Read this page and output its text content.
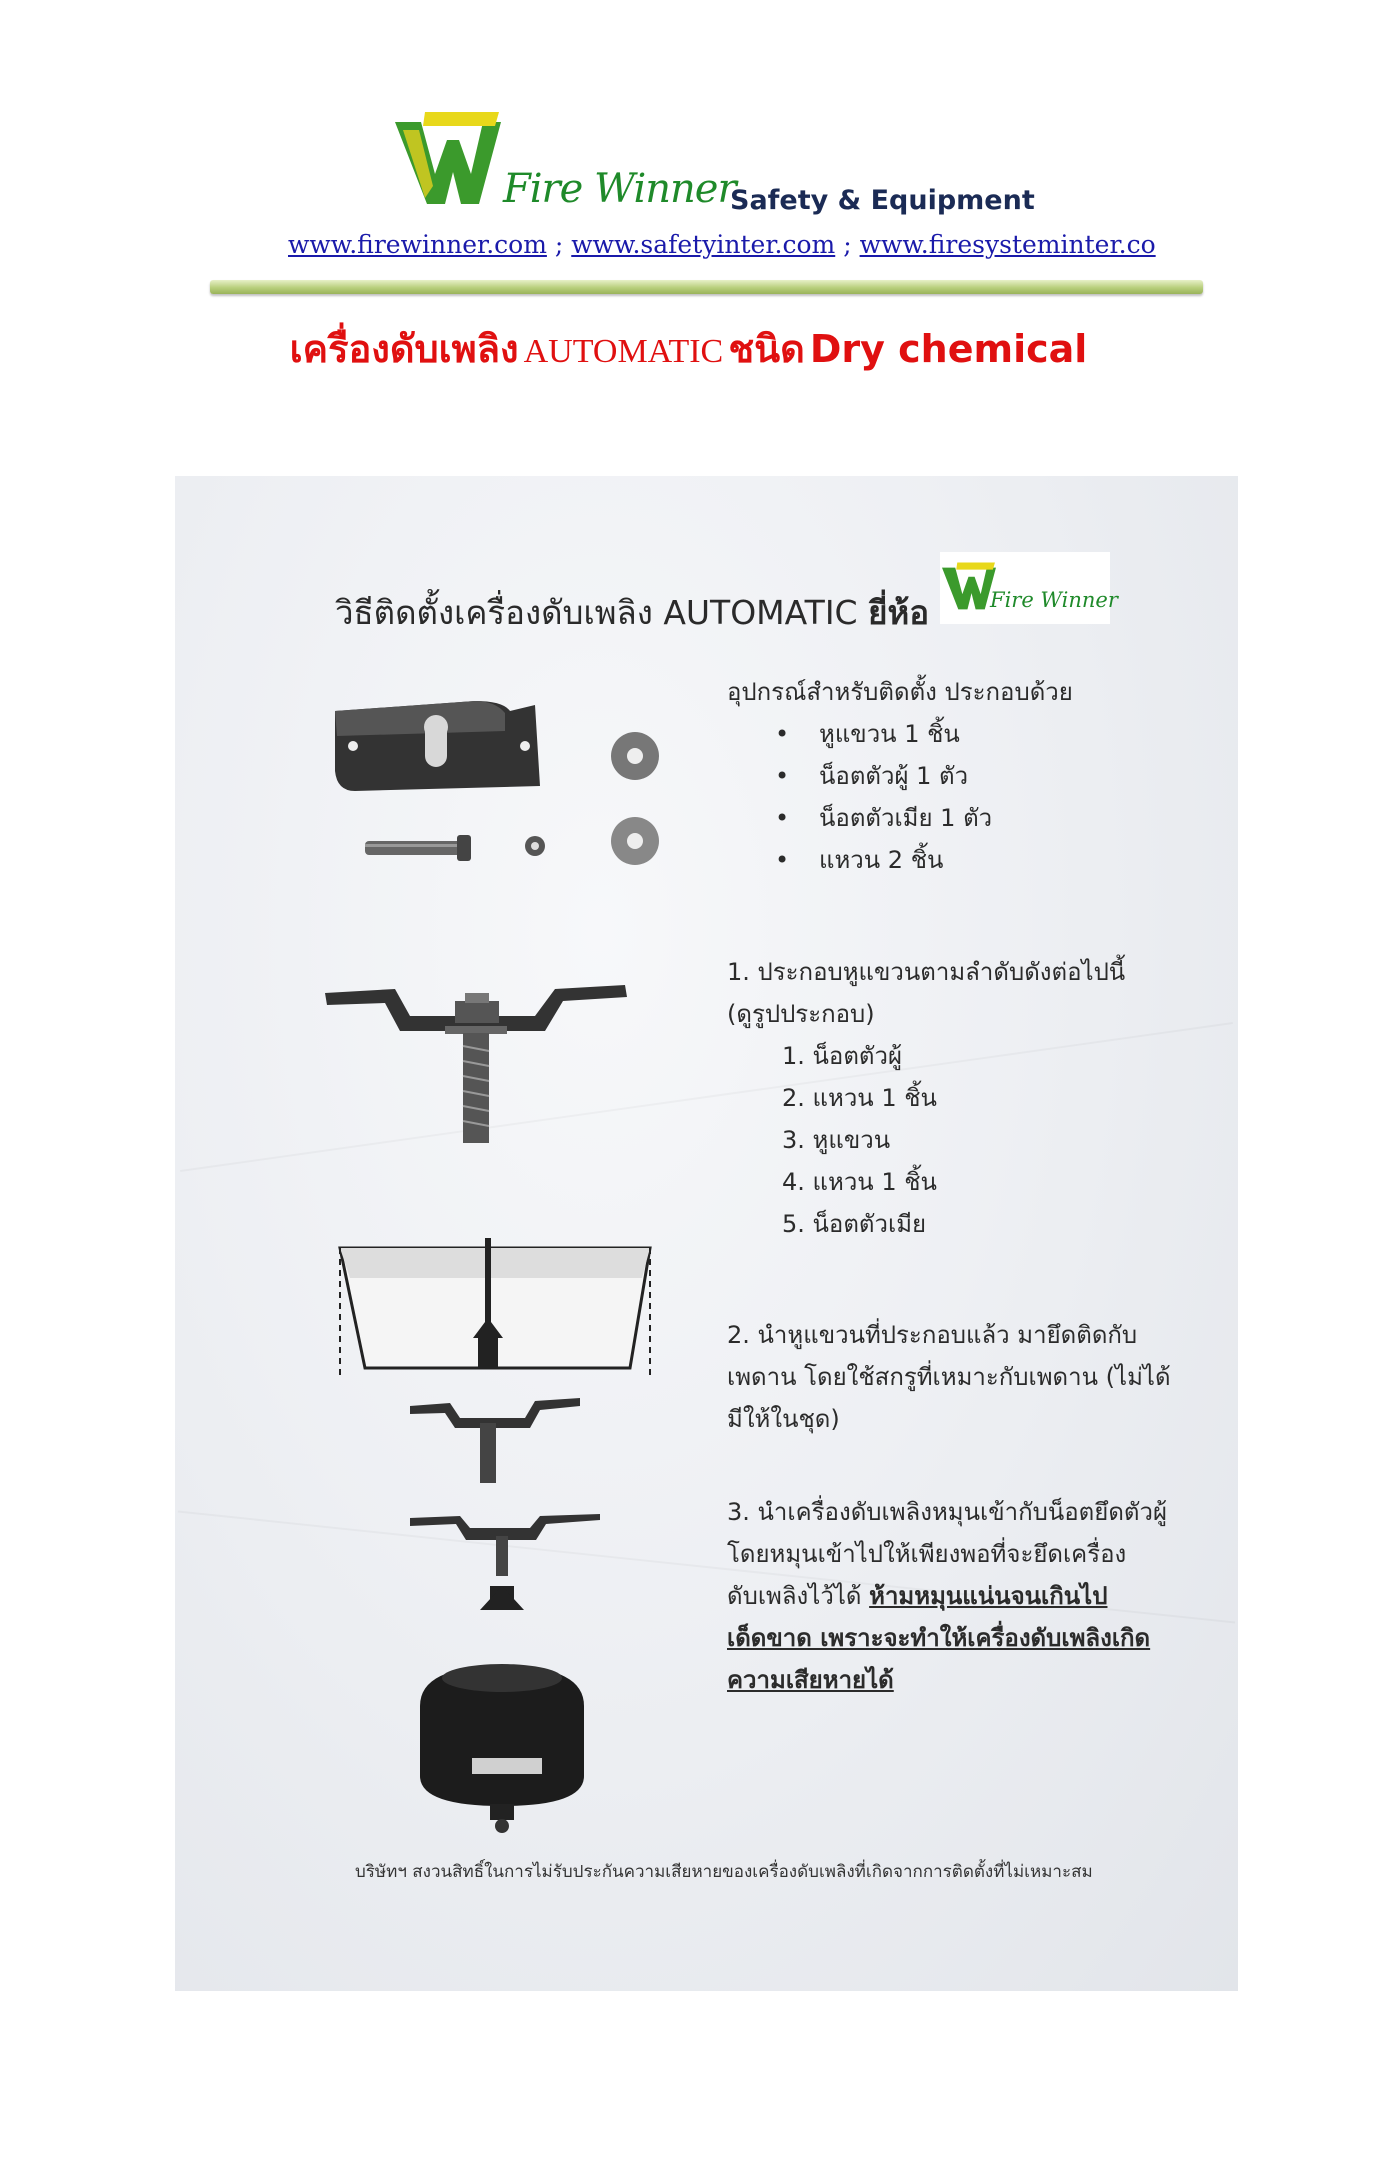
Fire Winner
Safety & Equipment
www.firewinner.com ; www.safetyinter.com ; www.firesysteminter.co
เครื่องดับเพลิง AUTOMATIC ชนิด Dry chemical
วิธีติดตั้งเครื่องดับเพลิง AUTOMATIC ยี่ห้อ	Fire Winner
อุปกรณ์สำหรับติดตั้ง ประกอบด้วย
• หูแขวน 1 ชิ้น
• น็อตตัวผู้ 1 ตัว
• น็อตตัวเมีย 1 ตัว
• แหวน 2 ชิ้น
1. ประกอบหูแขวนตามลำดับดังต่อไปนี้
(ดูรูปประกอบ)
1. น็อตตัวผู้
2. แหวน 1 ชิ้น
3. หูแขวน
4. แหวน 1 ชิ้น
5. น็อตตัวเมีย
2. นำหูแขวนที่ประกอบแล้ว มายึดติดกับ
เพดาน โดยใช้สกรูที่เหมาะกับเพดาน (ไม่ได้
มีให้ในชุด)
3. นำเครื่องดับเพลิงหมุนเข้ากับน็อตยึดตัวผู้
โดยหมุนเข้าไปให้เพียงพอที่จะยึดเครื่อง
ดับเพลิงไว้ได้ ห้ามหมุนแน่นจนเกินไป
เด็ดขาด เพราะจะทำให้เครื่องดับเพลิงเกิด
ความเสียหายได้
บริษัทฯ สงวนสิทธิ์ในการไม่รับประกันความเสียหายของเครื่องดับเพลิงที่เกิดจากการติดตั้งที่ไม่เหมาะสม
